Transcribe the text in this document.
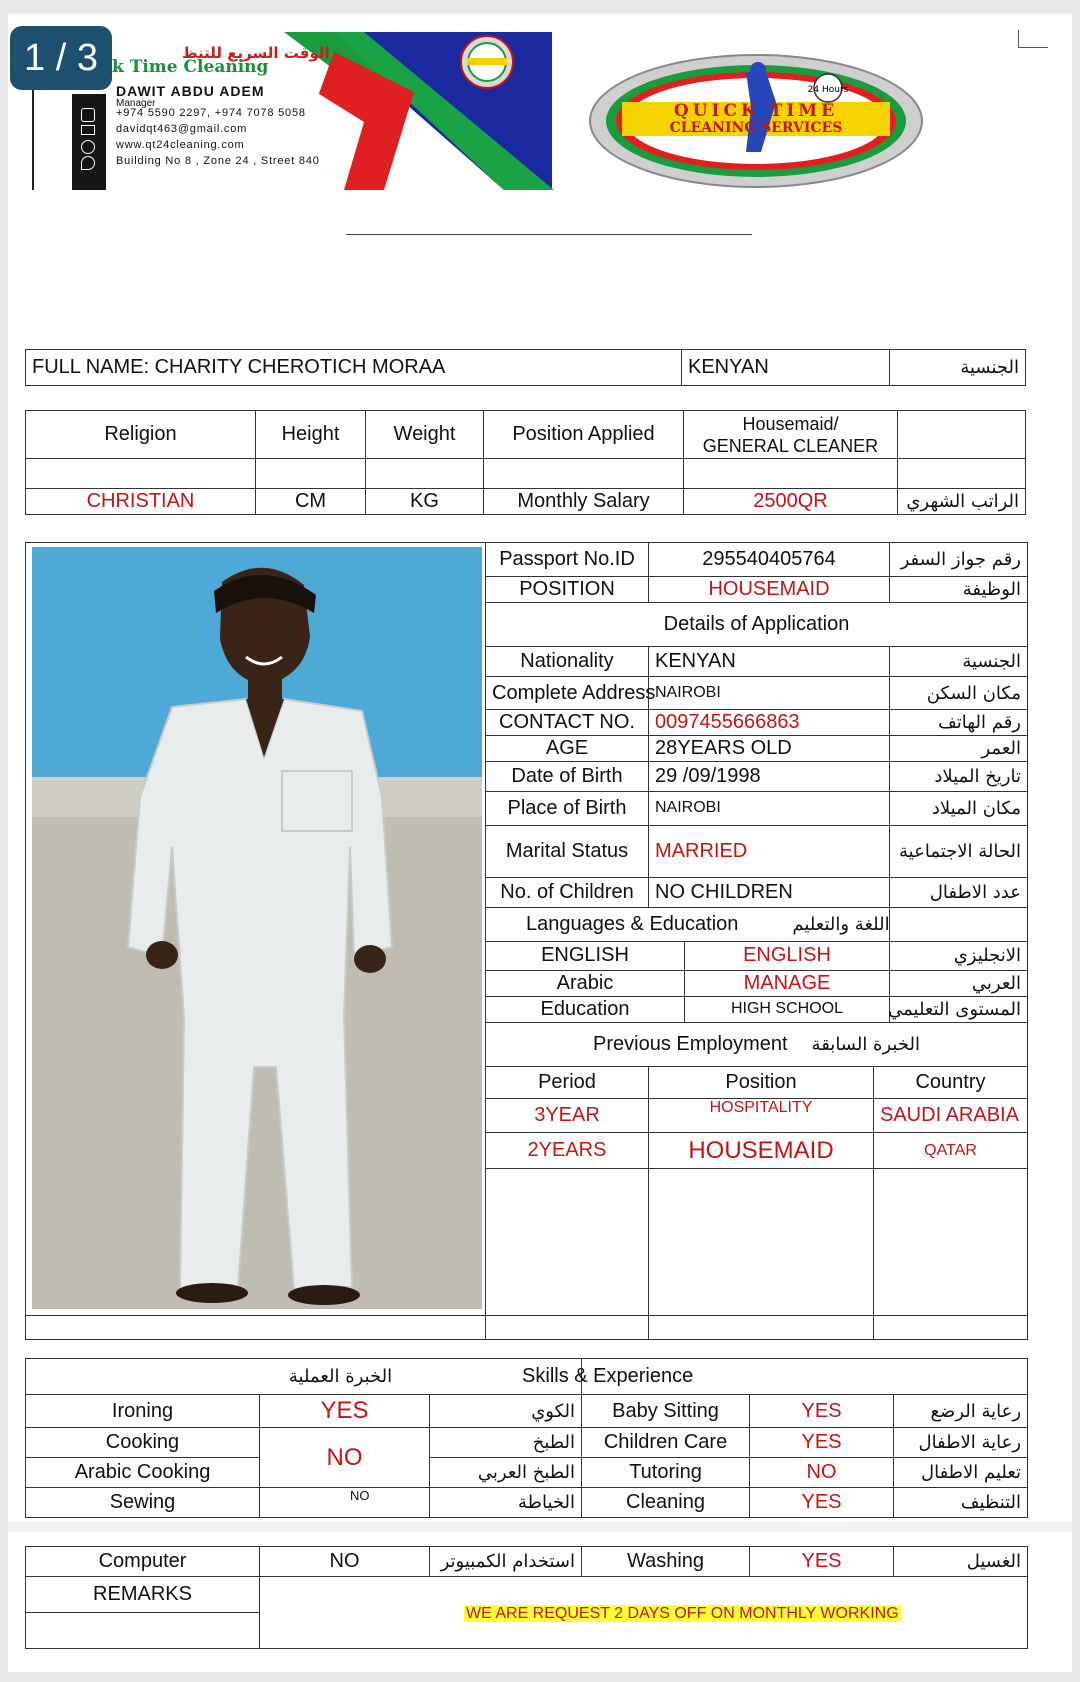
الوقت السريع للتنظ
k Time Cleaning
DAWIT ABDU ADEM
Manager
+974 5590 2297, +974 7078 5058
davidqt463@gmail.com
www.qt24cleaning.com
Building No 8 , Zone 24 , Street 840
24 Hours
QUICK TIME
CLEANING SERVICES
FULL NAME: CHARITY CHEROTICH MORAA	KENYAN	الجنسية
Religion	Height	Weight	Position Applied	Housemaid/
GENERAL CLEANER	

CHRISTIAN	CM	KG	Monthly Salary	2500QR	الراتب الشهري
	Passport No.ID	295540405764			رقم جواز السفر
	POSITION	HOUSEMAID			الوظيفة
	Details of Application				
	Nationality	KENYAN			الجنسية
	Complete Address	NAIROBI			مكان السكن
	CONTACT NO.	0097455666863			رقم الهاتف
	AGE	28YEARS OLD			العمر
	Date of Birth	29 /09/1998			تاريخ الميلاد
	Place of Birth	NAIROBI			مكان الميلاد
	Marital Status	MARRIED			الحالة الاجتماعية
	No. of Children	NO CHILDREN			عدد الاطفال
	Languages & Education اللغة والتعليم				
	ENGLISH		ENGLISH		الانجليزي
	Arabic		MANAGE		العربي
	Education		HIGH SCHOOL		المستوى التعليمي
	Previous Employment الخبرة السابقة				
	Period	Position		Country	
	3YEAR	HOSPITALITY		SAUDI ARABIA	
	2YEARS	HOUSEMAID		QATAR	

الخبرة العملية			Skills & Experience		
Ironing	YES	الكوي	Baby Sitting	YES	رعاية الرضع
Cooking	NO	الطبخ	Children Care	YES	رعاية الاطفال
Arabic Cooking		الطبخ العربي	Tutoring	NO	تعليم الاطفال
Sewing	NO	الخياطة	Cleaning	YES	التنظيف
Computer	NO	استخدام الكمبيوتر	Washing	YES	الغسيل
REMARKS	WE ARE REQUEST 2 DAYS OFF ON MONTHLY WORKING				

1 / 3
